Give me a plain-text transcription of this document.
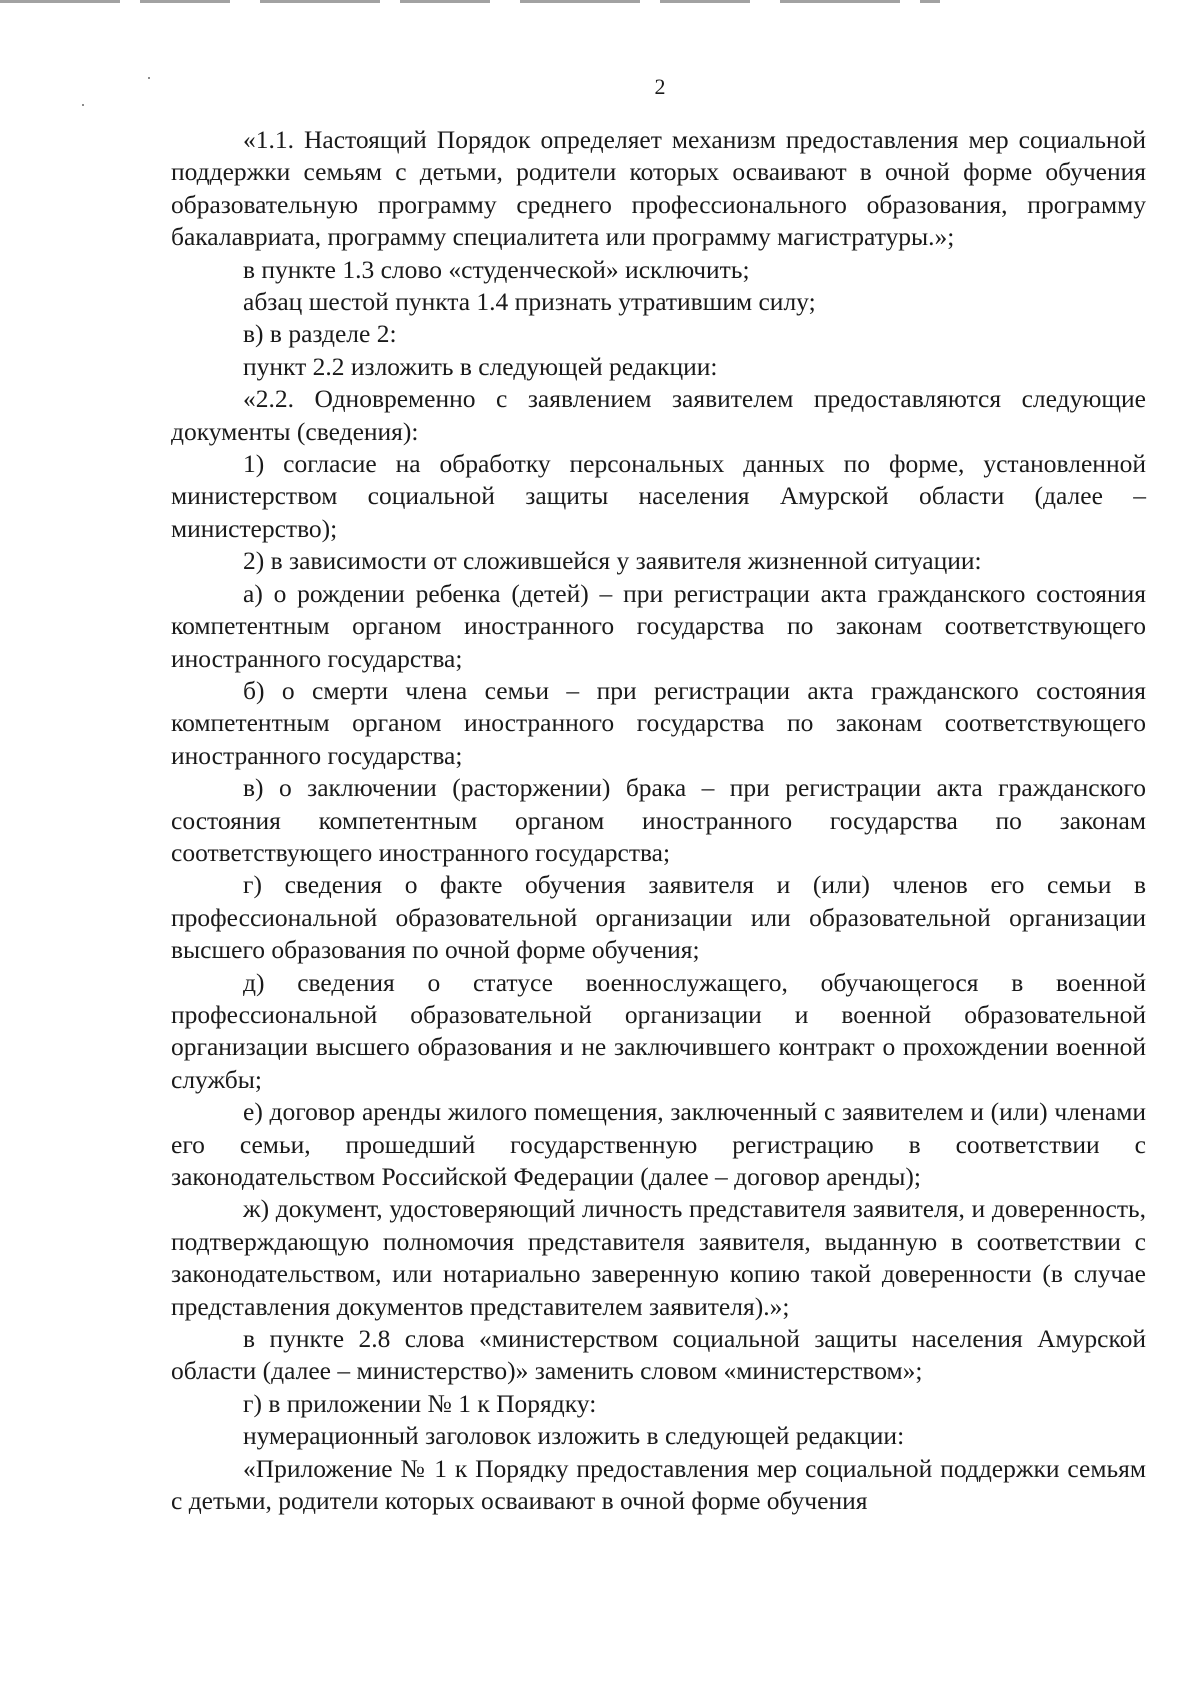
2

«1.1. Настоящий Порядок определяет механизм предоставления мер социальной поддержки семьям с детьми, родители которых осваивают в очной форме обучения образовательную программу среднего профессионального образования, программу бакалавриата, программу специалитета или программу магистратуры.»;

в пункте 1.3 слово «студенческой» исключить;

абзац шестой пункта 1.4 признать утратившим силу;

в) в разделе 2:

пункт 2.2 изложить в следующей редакции:

«2.2. Одновременно с заявлением заявителем предоставляются следующие документы (сведения):

1) согласие на обработку персональных данных по форме, установленной министерством социальной защиты населения Амурской области (далее – министерство);

2) в зависимости от сложившейся у заявителя жизненной ситуации:

а) о рождении ребенка (детей) – при регистрации акта гражданского состояния компетентным органом иностранного государства по законам соответствующего иностранного государства;

б) о смерти члена семьи – при регистрации акта гражданского состояния компетентным органом иностранного государства по законам соответствующего иностранного государства;

в) о заключении (расторжении) брака – при регистрации акта гражданского состояния компетентным органом иностранного государства по законам соответствующего иностранного государства;

г) сведения о факте обучения заявителя и (или) членов его семьи в профессиональной образовательной организации или образовательной организации высшего образования по очной форме обучения;

д) сведения о статусе военнослужащего, обучающегося в военной профессиональной образовательной организации и военной образовательной организации высшего образования и не заключившего контракт о прохождении военной службы;

е) договор аренды жилого помещения, заключенный с заявителем и (или) членами его семьи, прошедший государственную регистрацию в соответствии с законодательством Российской Федерации (далее – договор аренды);

ж) документ, удостоверяющий личность представителя заявителя, и доверенность, подтверждающую полномочия представителя заявителя, выданную в соответствии с законодательством, или нотариально заверенную копию такой доверенности (в случае представления документов представителем заявителя).»;

в пункте 2.8 слова «министерством социальной защиты населения Амурской области (далее – министерство)» заменить словом «министерством»;

г) в приложении № 1 к Порядку:

нумерационный заголовок изложить в следующей редакции:

«Приложение № 1 к Порядку предоставления мер социальной поддержки семьям с детьми, родители которых осваивают в очной форме обучения
